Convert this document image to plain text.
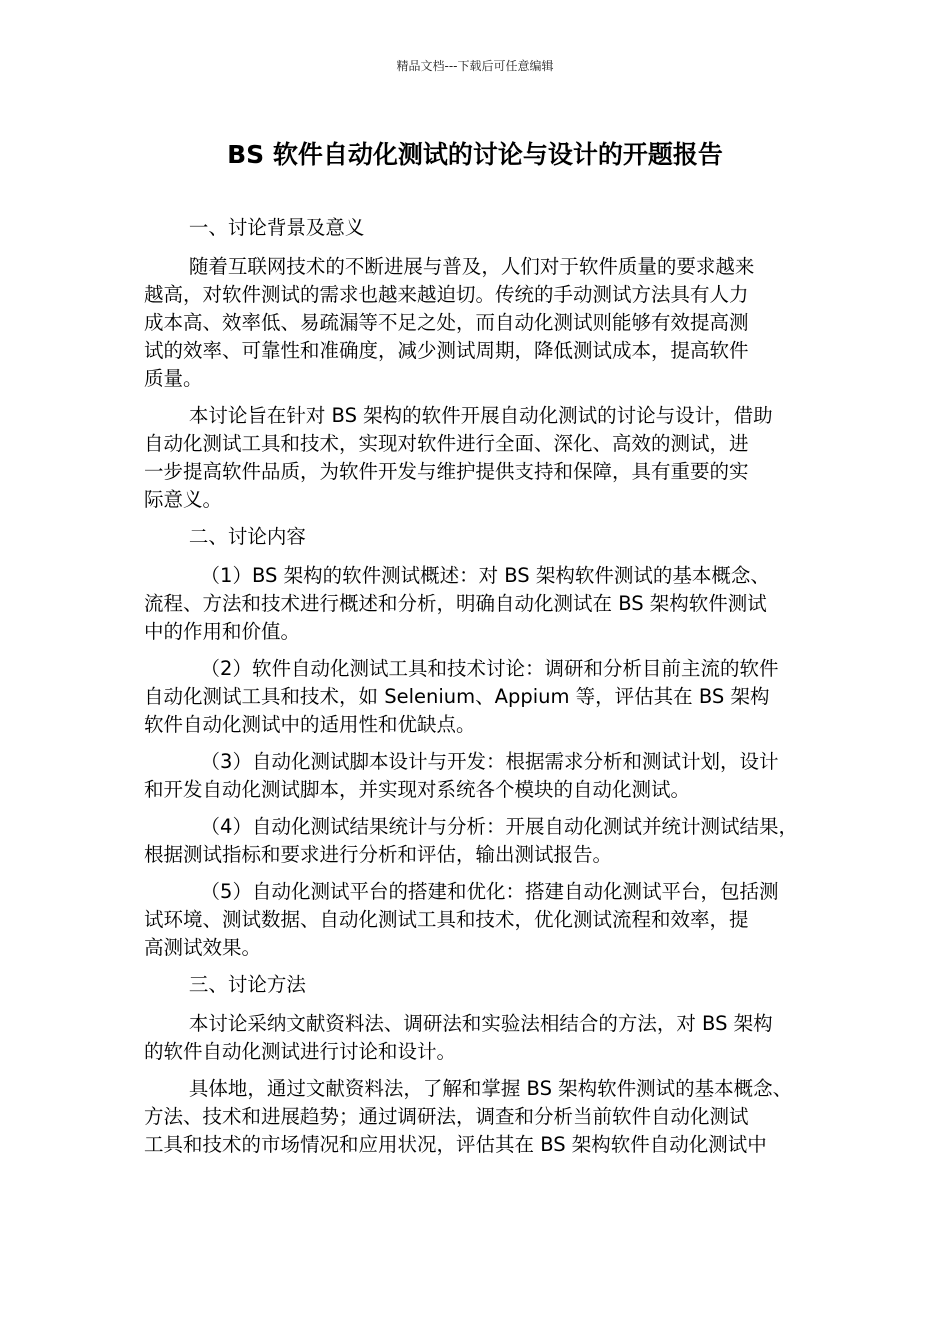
精品文档---下载后可任意编辑
BS 软件自动化测试的讨论与设计的开题报告

一、讨论背景及意义

随着互联网技术的不断进展与普及，人们对于软件质量的要求越来
越高，对软件测试的需求也越来越迫切。传统的手动测试方法具有人力
成本高、效率低、易疏漏等不足之处，而自动化测试则能够有效提高测
试的效率、可靠性和准确度，减少测试周期，降低测试成本，提高软件
质量。

本讨论旨在针对 BS 架构的软件开展自动化测试的讨论与设计，借助
自动化测试工具和技术，实现对软件进行全面、深化、高效的测试，进
一步提高软件品质，为软件开发与维护提供支持和保障，具有重要的实
际意义。

二、讨论内容

（1）BS 架构的软件测试概述：对 BS 架构软件测试的基本概念、
流程、方法和技术进行概述和分析，明确自动化测试在 BS 架构软件测试
中的作用和价值。

（2）软件自动化测试工具和技术讨论：调研和分析目前主流的软件
自动化测试工具和技术，如 Selenium、Appium 等，评估其在 BS 架构
软件自动化测试中的适用性和优缺点。

（3）自动化测试脚本设计与开发：根据需求分析和测试计划，设计
和开发自动化测试脚本，并实现对系统各个模块的自动化测试。

（4）自动化测试结果统计与分析：开展自动化测试并统计测试结果，
根据测试指标和要求进行分析和评估，输出测试报告。

（5）自动化测试平台的搭建和优化：搭建自动化测试平台，包括测
试环境、测试数据、自动化测试工具和技术，优化测试流程和效率，提
高测试效果。

三、讨论方法

本讨论采纳文献资料法、调研法和实验法相结合的方法，对 BS 架构
的软件自动化测试进行讨论和设计。

具体地，通过文献资料法，了解和掌握 BS 架构软件测试的基本概念、
方法、技术和进展趋势；通过调研法，调查和分析当前软件自动化测试
工具和技术的市场情况和应用状况，评估其在 BS 架构软件自动化测试中
